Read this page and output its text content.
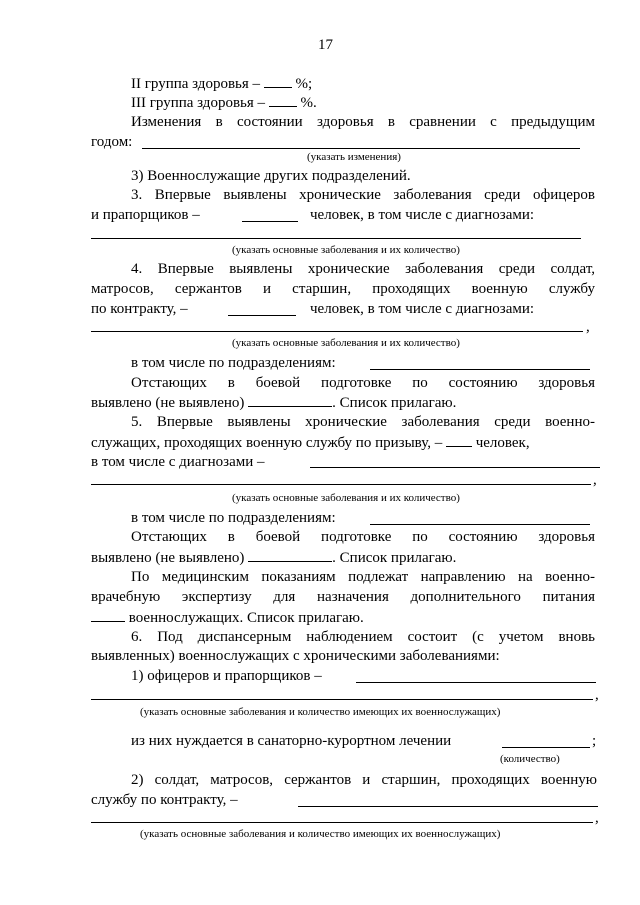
17
II группа здоровья – %;
III группа здоровья – %.
Изменения в состоянии здоровья в сравнении с предыдущим
годом:
(указать изменения)
3) Военнослужащие других подразделений.
3. Впервые выявлены хронические заболевания среди офицеров
и прапорщиков –	человек, в том числе с диагнозами:
(указать основные заболевания и их количество)
4. Впервые выявлены хронические заболевания среди солдат,
матросов, сержантов и старшин, проходящих военную службу
по контракту, –	человек, в том числе с диагнозами:
,
(указать основные заболевания и их количество)
в том числе по подразделениям:
Отстающих в боевой подготовке по состоянию здоровья
выявлено (не выявлено)	. Список прилагаю.
5. Впервые выявлены хронические заболевания среди военно-
служащих, проходящих военную службу по призыву, – человек,
в том числе с диагнозами –
,
(указать основные заболевания и их количество)
в том числе по подразделениям:
Отстающих в боевой подготовке по состоянию здоровья
выявлено (не выявлено)	. Список прилагаю.
По медицинским показаниям подлежат направлению на военно-
врачебную экспертизу для назначения дополнительного питания
военнослужащих. Список прилагаю.
6. Под диспансерным наблюдением состоит (с учетом вновь
выявленных) военнослужащих с хроническими заболеваниями:
1) офицеров и прапорщиков –
,
(указать основные заболевания и количество имеющих их военнослужащих)
из них нуждается в санаторно-курортном лечении	;
(количество)
2) солдат, матросов, сержантов и старшин, проходящих военную
службу по контракту, –
,
(указать основные заболевания и количество имеющих их военнослужащих)
